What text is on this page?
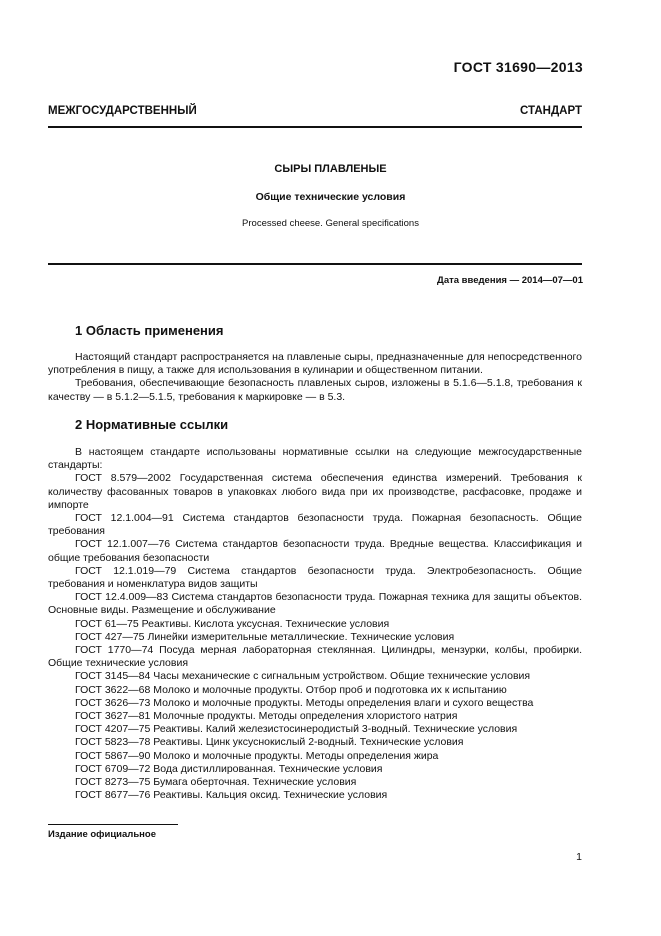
ГОСТ 31690—2013
МЕЖГОСУДАРСТВЕННЫЙ СТАНДАРТ
СЫРЫ ПЛАВЛЕНЫЕ
Общие технические условия
Processed cheese. General specifications
Дата введения — 2014—07—01
1 Область применения

Настоящий стандарт распространяется на плавленые сыры, предназначенные для непосредственного употребления в пищу, а также для использования в кулинарии и общественном питании.

Требования, обеспечивающие безопасность плавленых сыров, изложены в 5.1.6—5.1.8, требования к качеству — в 5.1.2—5.1.5, требования к маркировке — в 5.3.

2 Нормативные ссылки

В настоящем стандарте использованы нормативные ссылки на следующие межгосударственные стандарты:

ГОСТ 8.579—2002 Государственная система обеспечения единства измерений. Требования к количеству фасованных товаров в упаковках любого вида при их производстве, расфасовке, продаже и импорте

ГОСТ 12.1.004—91 Система стандартов безопасности труда. Пожарная безопасность. Общие требования

ГОСТ 12.1.007—76 Система стандартов безопасности труда. Вредные вещества. Классификация и общие требования безопасности

ГОСТ 12.1.019—79 Система стандартов безопасности труда. Электробезопасность. Общие требования и номенклатура видов защиты

ГОСТ 12.4.009—83 Система стандартов безопасности труда. Пожарная техника для защиты объектов. Основные виды. Размещение и обслуживание

ГОСТ 61—75 Реактивы. Кислота уксусная. Технические условия

ГОСТ 427—75 Линейки измерительные металлические. Технические условия

ГОСТ 1770—74 Посуда мерная лабораторная стеклянная. Цилиндры, мензурки, колбы, пробирки. Общие технические условия

ГОСТ 3145—84 Часы механические с сигнальным устройством. Общие технические условия

ГОСТ 3622—68 Молоко и молочные продукты. Отбор проб и подготовка их к испытанию

ГОСТ 3626—73 Молоко и молочные продукты. Методы определения влаги и сухого вещества

ГОСТ 3627—81 Молочные продукты. Методы определения хлористого натрия

ГОСТ 4207—75 Реактивы. Калий железистосинеродистый 3-водный. Технические условия

ГОСТ 5823—78 Реактивы. Цинк уксуснокислый 2-водный. Технические условия

ГОСТ 5867—90 Молоко и молочные продукты. Методы определения жира

ГОСТ 6709—72 Вода дистиллированная. Технические условия

ГОСТ 8273—75 Бумага оберточная. Технические условия

ГОСТ 8677—76 Реактивы. Кальция оксид. Технические условия

Издание официальное
1
